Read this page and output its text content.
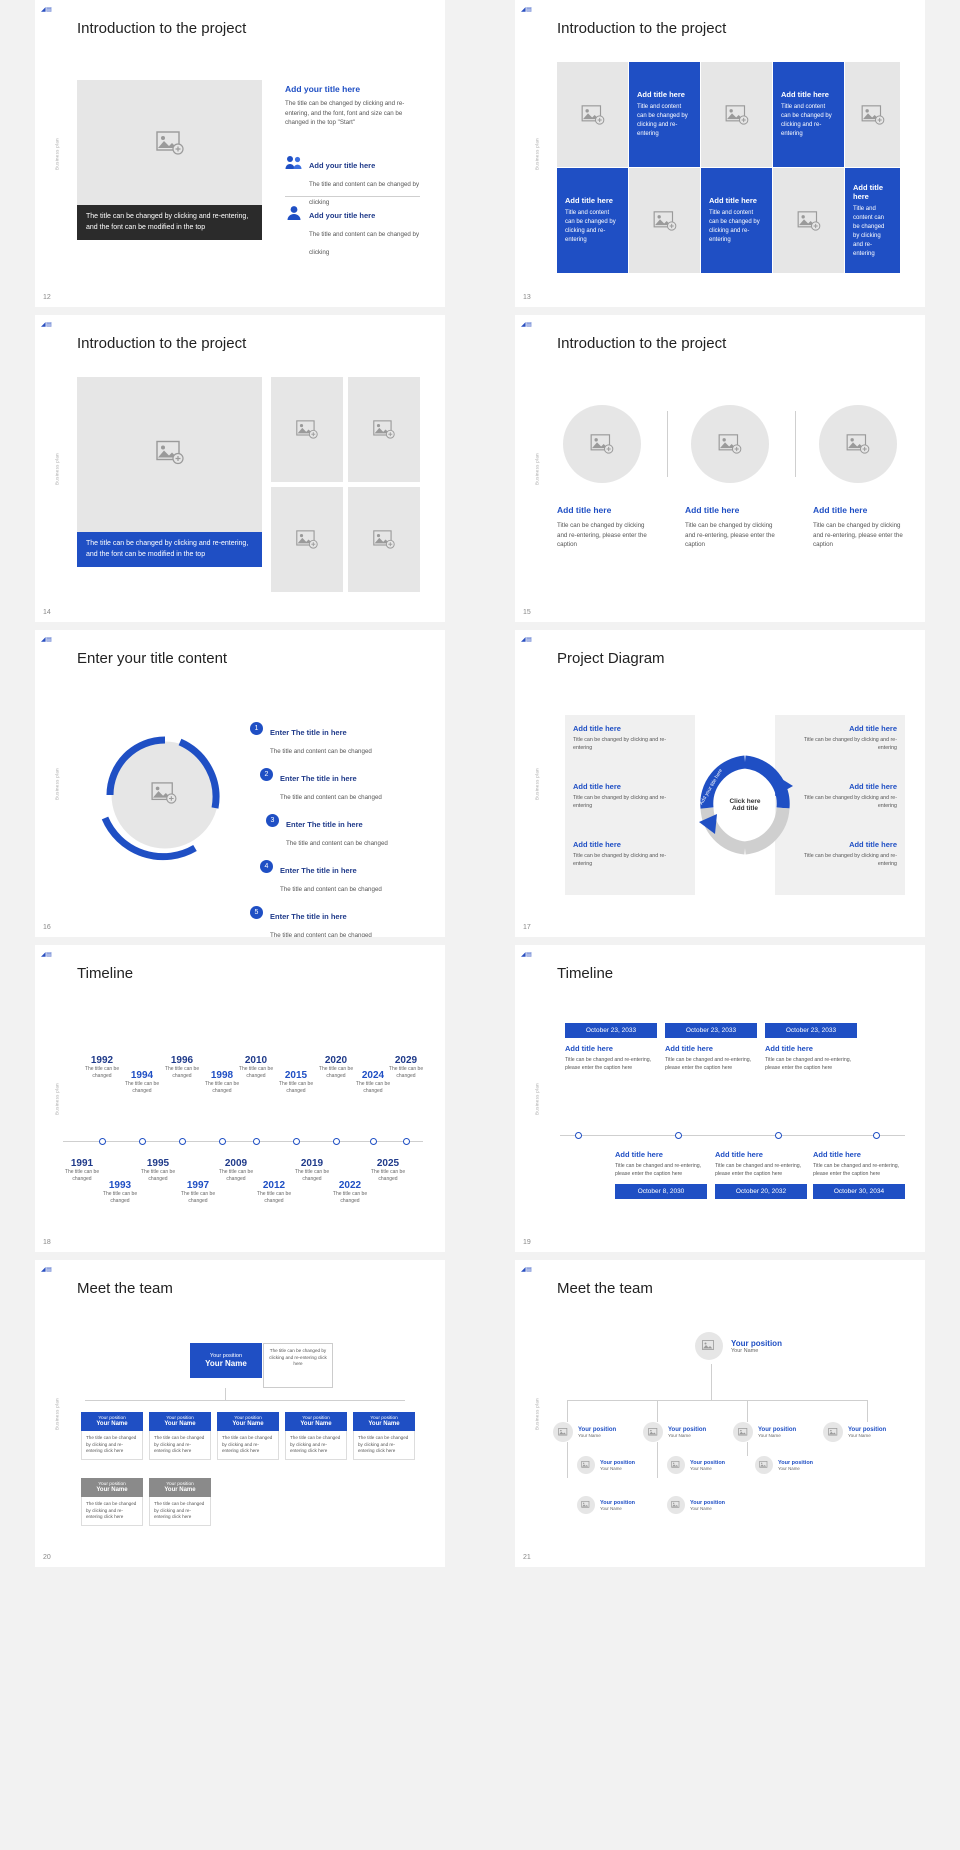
◢▤
Business plan
Introduction to the project
The title can be changed by clicking and re-entering, and the font can be modified in the top
Add your title here
The title can be changed by clicking and re-entering, and the font, font and size can be changed in the top "Start"
Add your title here
The title and content can be changed by clicking
Add your title here
The title and content can be changed by clicking
12
◢▤
Business plan
Introduction to the project
Add title here
Title and content can be changed by clicking and re-entering
Add title here
Title and content can be changed by clicking and re-entering
Add title here
Title and content can be changed by clicking and re-entering
Add title here
Title and content can be changed by clicking and re-entering
Add title here
Title and content can be changed by clicking and re-entering
13
◢▤
Business plan
Introduction to the project
The title can be changed by clicking and re-entering, and the font can be modified in the top
14
◢▤
Business plan
Introduction to the project
Add title here
Title can be changed by clicking and re-entering, please enter the caption
Add title here
Title can be changed by clicking and re-entering, please enter the caption
Add title here
Title can be changed by clicking and re-entering, please enter the caption
15
◢▤
Business plan
Enter your title content
1	Enter The title in here
The title and content can be changed
2	Enter The title in here
The title and content can be changed
3	Enter The title in here
The title and content can be changed
4	Enter The title in here
The title and content can be changed
5	Enter The title in here
The title and content can be changed
16
◢▤
Business plan
Project Diagram
Add title here
Title can be changed by clicking and re-entering
Add title here
Title can be changed by clicking and re-entering
Add title here
Title can be changed by clicking and re-entering
Add title here
Title can be changed by clicking and re-entering
Add title here
Title can be changed by clicking and re-entering
Add title here
Title can be changed by clicking and re-entering
Click here
Add title
Add your title here
17
◢▤
Business plan
Timeline
1992
The title can be changed	1994
The title can be changed
1996
The title can be changed	1998
The title can be changed
2010
The title can be changed	2015
The title can be changed
2020
The title can be changed	2024
The title can be changed
2029
The title can be changed
1991
The title can be changed
1993
The title can be changed
1995
The title can be changed
1997
The title can be changed
2009
The title can be changed
2012
The title can be changed
2019
The title can be changed
2022
The title can be changed
2025
The title can be changed
18
◢▤
Business plan
Timeline
October 23, 2033
Add title here
Title can be changed and re-entering, please enter the caption here
October 23, 2033
Add title here
Title can be changed and re-entering, please enter the caption here
October 23, 2033
Add title here
Title can be changed and re-entering, please enter the caption here
Add title here
Title can be changed and re-entering, please enter the caption here
October 8, 2030
Add title here
Title can be changed and re-entering, please enter the caption here
October 20, 2032
Add title here
Title can be changed and re-entering, please enter the caption here
October 30, 2034
19
◢▤
Business plan
Meet the team
Your position
Your Name
The title can be changed by clicking and re-entering click here
Your position
Your Name
The title can be changed by clicking and re-entering click here
Your position
Your Name
The title can be changed by clicking and re-entering click here
Your position
Your Name
The title can be changed by clicking and re-entering click here
Your position
Your Name
The title can be changed by clicking and re-entering click here
Your position
Your Name
The title can be changed by clicking and re-entering click here
Your position
Your Name
The title can be changed by clicking and re-entering click here
Your position
Your Name
The title can be changed by clicking and re-entering click here
20
◢▤
Business plan
Meet the team
Your position
Your Name
Your position
Your Name
Your position
Your Name
Your position
Your Name
Your position
Your Name
Your position
Your Name
Your position
Your Name
Your position
Your Name
Your position
Your Name
Your position
Your Name
21
